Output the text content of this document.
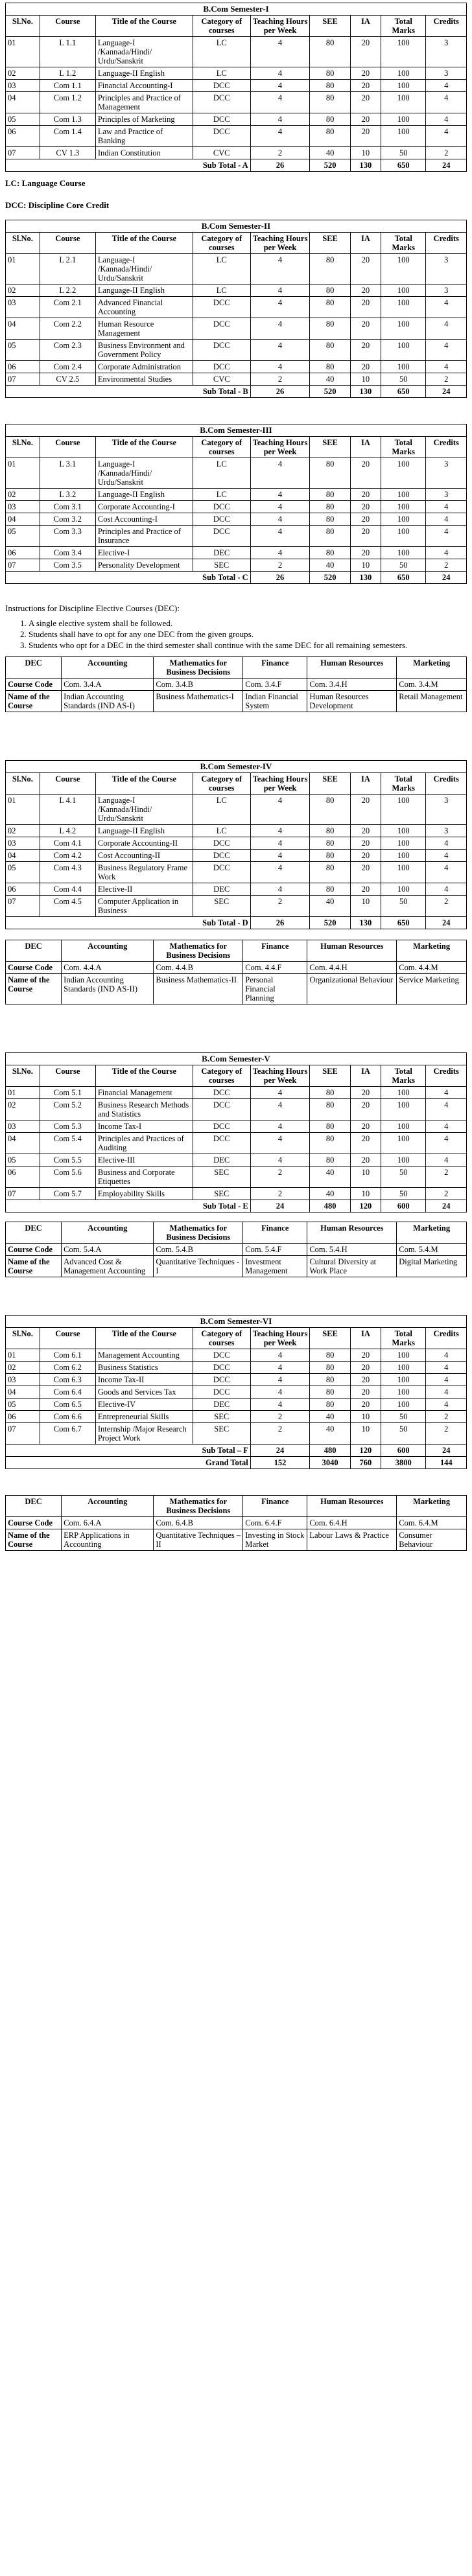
B.Com Semester-I								
Sl.No.	Course	Title of the Course	Category of courses	Teaching Hours per Week	SEE	IA	Total Marks	Credits
01	L 1.1	Language-I /Kannada/Hindi/ Urdu/Sanskrit	LC	4	80	20	100	3
02	L 1.2	Language-II English	LC	4	80	20	100	3
03	Com 1.1	Financial Accounting-I	DCC	4	80	20	100	4
04	Com 1.2	Principles and Practice of Management	DCC	4	80	20	100	4
05	Com 1.3	Principles of Marketing	DCC	4	80	20	100	4
06	Com 1.4	Law and Practice of Banking	DCC	4	80	20	100	4
07	CV 1.3	Indian Constitution	CVC	2	40	10	50	2
Sub Total - A				26	520	130	650	24
LC: Language Course
DCC: Discipline Core Credit
B.Com Semester-II								
Sl.No.	Course	Title of the Course	Category of courses	Teaching Hours per Week	SEE	IA	Total Marks	Credits
01	L 2.1	Language-I /Kannada/Hindi/ Urdu/Sanskrit	LC	4	80	20	100	3
02	L 2.2	Language-II English	LC	4	80	20	100	3
03	Com 2.1	Advanced Financial Accounting	DCC	4	80	20	100	4
04	Com 2.2	Human Resource Management	DCC	4	80	20	100	4
05	Com 2.3	Business Environment and Government Policy	DCC	4	80	20	100	4
06	Com 2.4	Corporate Administration	DCC	4	80	20	100	4
07	CV 2.5	Environmental Studies	CVC	2	40	10	50	2
Sub Total - B				26	520	130	650	24
B.Com Semester-III								
Sl.No.	Course	Title of the Course	Category of courses	Teaching Hours per Week	SEE	IA	Total Marks	Credits
01	L 3.1	Language-I /Kannada/Hindi/ Urdu/Sanskrit	LC	4	80	20	100	3
02	L 3.2	Language-II English	LC	4	80	20	100	3
03	Com 3.1	Corporate Accounting-I	DCC	4	80	20	100	4
04	Com 3.2	Cost Accounting-I	DCC	4	80	20	100	4
05	Com 3.3	Principles and Practice of Insurance	DCC	4	80	20	100	4
06	Com 3.4	Elective-I	DEC	4	80	20	100	4
07	Com 3.5	Personality Development	SEC	2	40	10	50	2
Sub Total - C				26	520	130	650	24
Instructions for Discipline Elective Courses (DEC):
1. A single elective system shall be followed.
2. Students shall have to opt for any one DEC from the given groups.
3. Students who opt for a DEC in the third semester shall continue with the same DEC for all remaining semesters.
DEC	Accounting	Mathematics for Business Decisions	Finance	Human Resources	Marketing
Course Code	Com. 3.4.A	Com. 3.4.B	Com. 3.4.F	Com. 3.4.H	Com. 3.4.M
Name of the Course	Indian Accounting Standards (IND AS-I)	Business Mathematics-I	Indian Financial System	Human Resources Development	Retail Management
B.Com Semester-IV								
Sl.No.	Course	Title of the Course	Category of courses	Teaching Hours per Week	SEE	IA	Total Marks	Credits
01	L 4.1	Language-I /Kannada/Hindi/ Urdu/Sanskrit	LC	4	80	20	100	3
02	L 4.2	Language-II English	LC	4	80	20	100	3
03	Com 4.1	Corporate Accounting-II	DCC	4	80	20	100	4
04	Com 4.2	Cost Accounting-II	DCC	4	80	20	100	4
05	Com 4.3	Business Regulatory Frame Work	DCC	4	80	20	100	4
06	Com 4.4	Elective-II	DEC	4	80	20	100	4
07	Com 4.5	Computer Application in Business	SEC	2	40	10	50	2
Sub Total - D				26	520	130	650	24
DEC	Accounting	Mathematics for Business Decisions	Finance	Human Resources	Marketing
Course Code	Com. 4.4.A	Com. 4.4.B	Com. 4.4.F	Com. 4.4.H	Com. 4.4.M
Name of the Course	Indian Accounting Standards (IND AS-II)	Business Mathematics-II	Personal Financial Planning	Organizational Behaviour	Service Marketing
B.Com Semester-V								
Sl.No.	Course	Title of the Course	Category of courses	Teaching Hours per Week	SEE	IA	Total Marks	Credits
01	Com 5.1	Financial Management	DCC	4	80	20	100	4
02	Com 5.2	Business Research Methods and Statistics	DCC	4	80	20	100	4
03	Com 5.3	Income Tax-I	DCC	4	80	20	100	4
04	Com 5.4	Principles and Practices of Auditing	DCC	4	80	20	100	4
05	Com 5.5	Elective-III	DEC	4	80	20	100	4
06	Com 5.6	Business and Corporate Etiquettes	SEC	2	40	10	50	2
07	Com 5.7	Employability Skills	SEC	2	40	10	50	2
Sub Total - E				24	480	120	600	24
DEC	Accounting	Mathematics for Business Decisions	Finance	Human Resources	Marketing
Course Code	Com. 5.4.A	Com. 5.4.B	Com. 5.4.F	Com. 5.4.H	Com. 5.4.M
Name of the Course	Advanced Cost & Management Accounting	Quantitative Techniques -I	Investment Management	Cultural Diversity at Work Place	Digital Marketing
B.Com Semester-VI								
Sl.No.	Course	Title of the Course	Category of courses	Teaching Hours per Week	SEE	IA	Total Marks	Credits
01	Com 6.1	Management Accounting	DCC	4	80	20	100	4
02	Com 6.2	Business Statistics	DCC	4	80	20	100	4
03	Com 6.3	Income Tax-II	DCC	4	80	20	100	4
04	Com 6.4	Goods and Services Tax	DCC	4	80	20	100	4
05	Com 6.5	Elective-IV	DEC	4	80	20	100	4
06	Com 6.6	Entrepreneurial Skills	SEC	2	40	10	50	2
07	Com 6.7	Internship /Major Research Project Work	SEC	2	40	10	50	2
Sub Total – F				24	480	120	600	24
Grand Total				152	3040	760	3800	144
DEC	Accounting	Mathematics for Business Decisions	Finance	Human Resources	Marketing
Course Code	Com. 6.4.A	Com. 6.4.B	Com. 6.4.F	Com. 6.4.H	Com. 6.4.M
Name of the Course	ERP Applications in Accounting	Quantitative Techniques –II	Investing in Stock Market	Labour Laws & Practice	Consumer Behaviour
